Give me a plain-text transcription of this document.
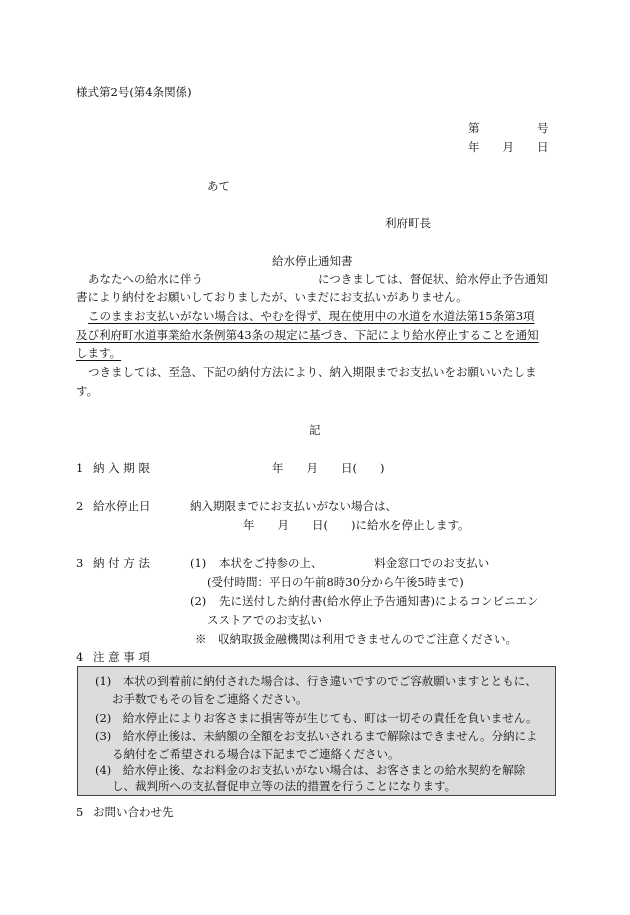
様式第2号(第4条関係)
第　　　　　号
年　　月　　日
あて
利府町長
給水停止通知書
あなたへの給水に伴う　　　　　　　　　　につきましては、督促状、給水停止予告通知
書により納付をお願いしておりましたが、いまだにお支払いがありません。
このままお支払いがない場合は、やむを得ず、現在使用中の水道を水道法第15条第3項
及び利府町水道事業給水条例第43条の規定に基づき、下記により給水停止することを通知
します。
つきましては、至急、下記の納付方法により、納入期限までお支払いをお願いいたしま
す。
記
1 納 入 期 限	年　　月　　日(　　)
2 給水停止日	納入期限までにお支払いがない場合は、
年　　月　　日(　　)に給水を停止します。
3 納 付 方 法	(1) 本状をご持参の上、　　　　　料金窓口でのお支払い
(受付時間：平日の午前8時30分から午後5時まで)
(2) 先に送付した納付書(給水停止予告通知書)によるコンビニエン
スストアでのお支払い
※　収納取扱金融機関は利用できませんのでご注意ください。
4 注 意 事 項
(1)　本状の到着前に納付された場合は、行き違いですのでご容赦願いますとともに、
お手数でもその旨をご連絡ください。
(2)　給水停止によりお客さまに損害等が生じても、町は一切その責任を負いません。
(3)　給水停止後は、未納額の全額をお支払いされるまで解除はできません。分納によ
る納付をご希望される場合は下記までご連絡ください。
(4)　給水停止後、なお料金のお支払いがない場合は、お客さまとの給水契約を解除
し、裁判所への支払督促申立等の法的措置を行うことになります。
5 お問い合わせ先
